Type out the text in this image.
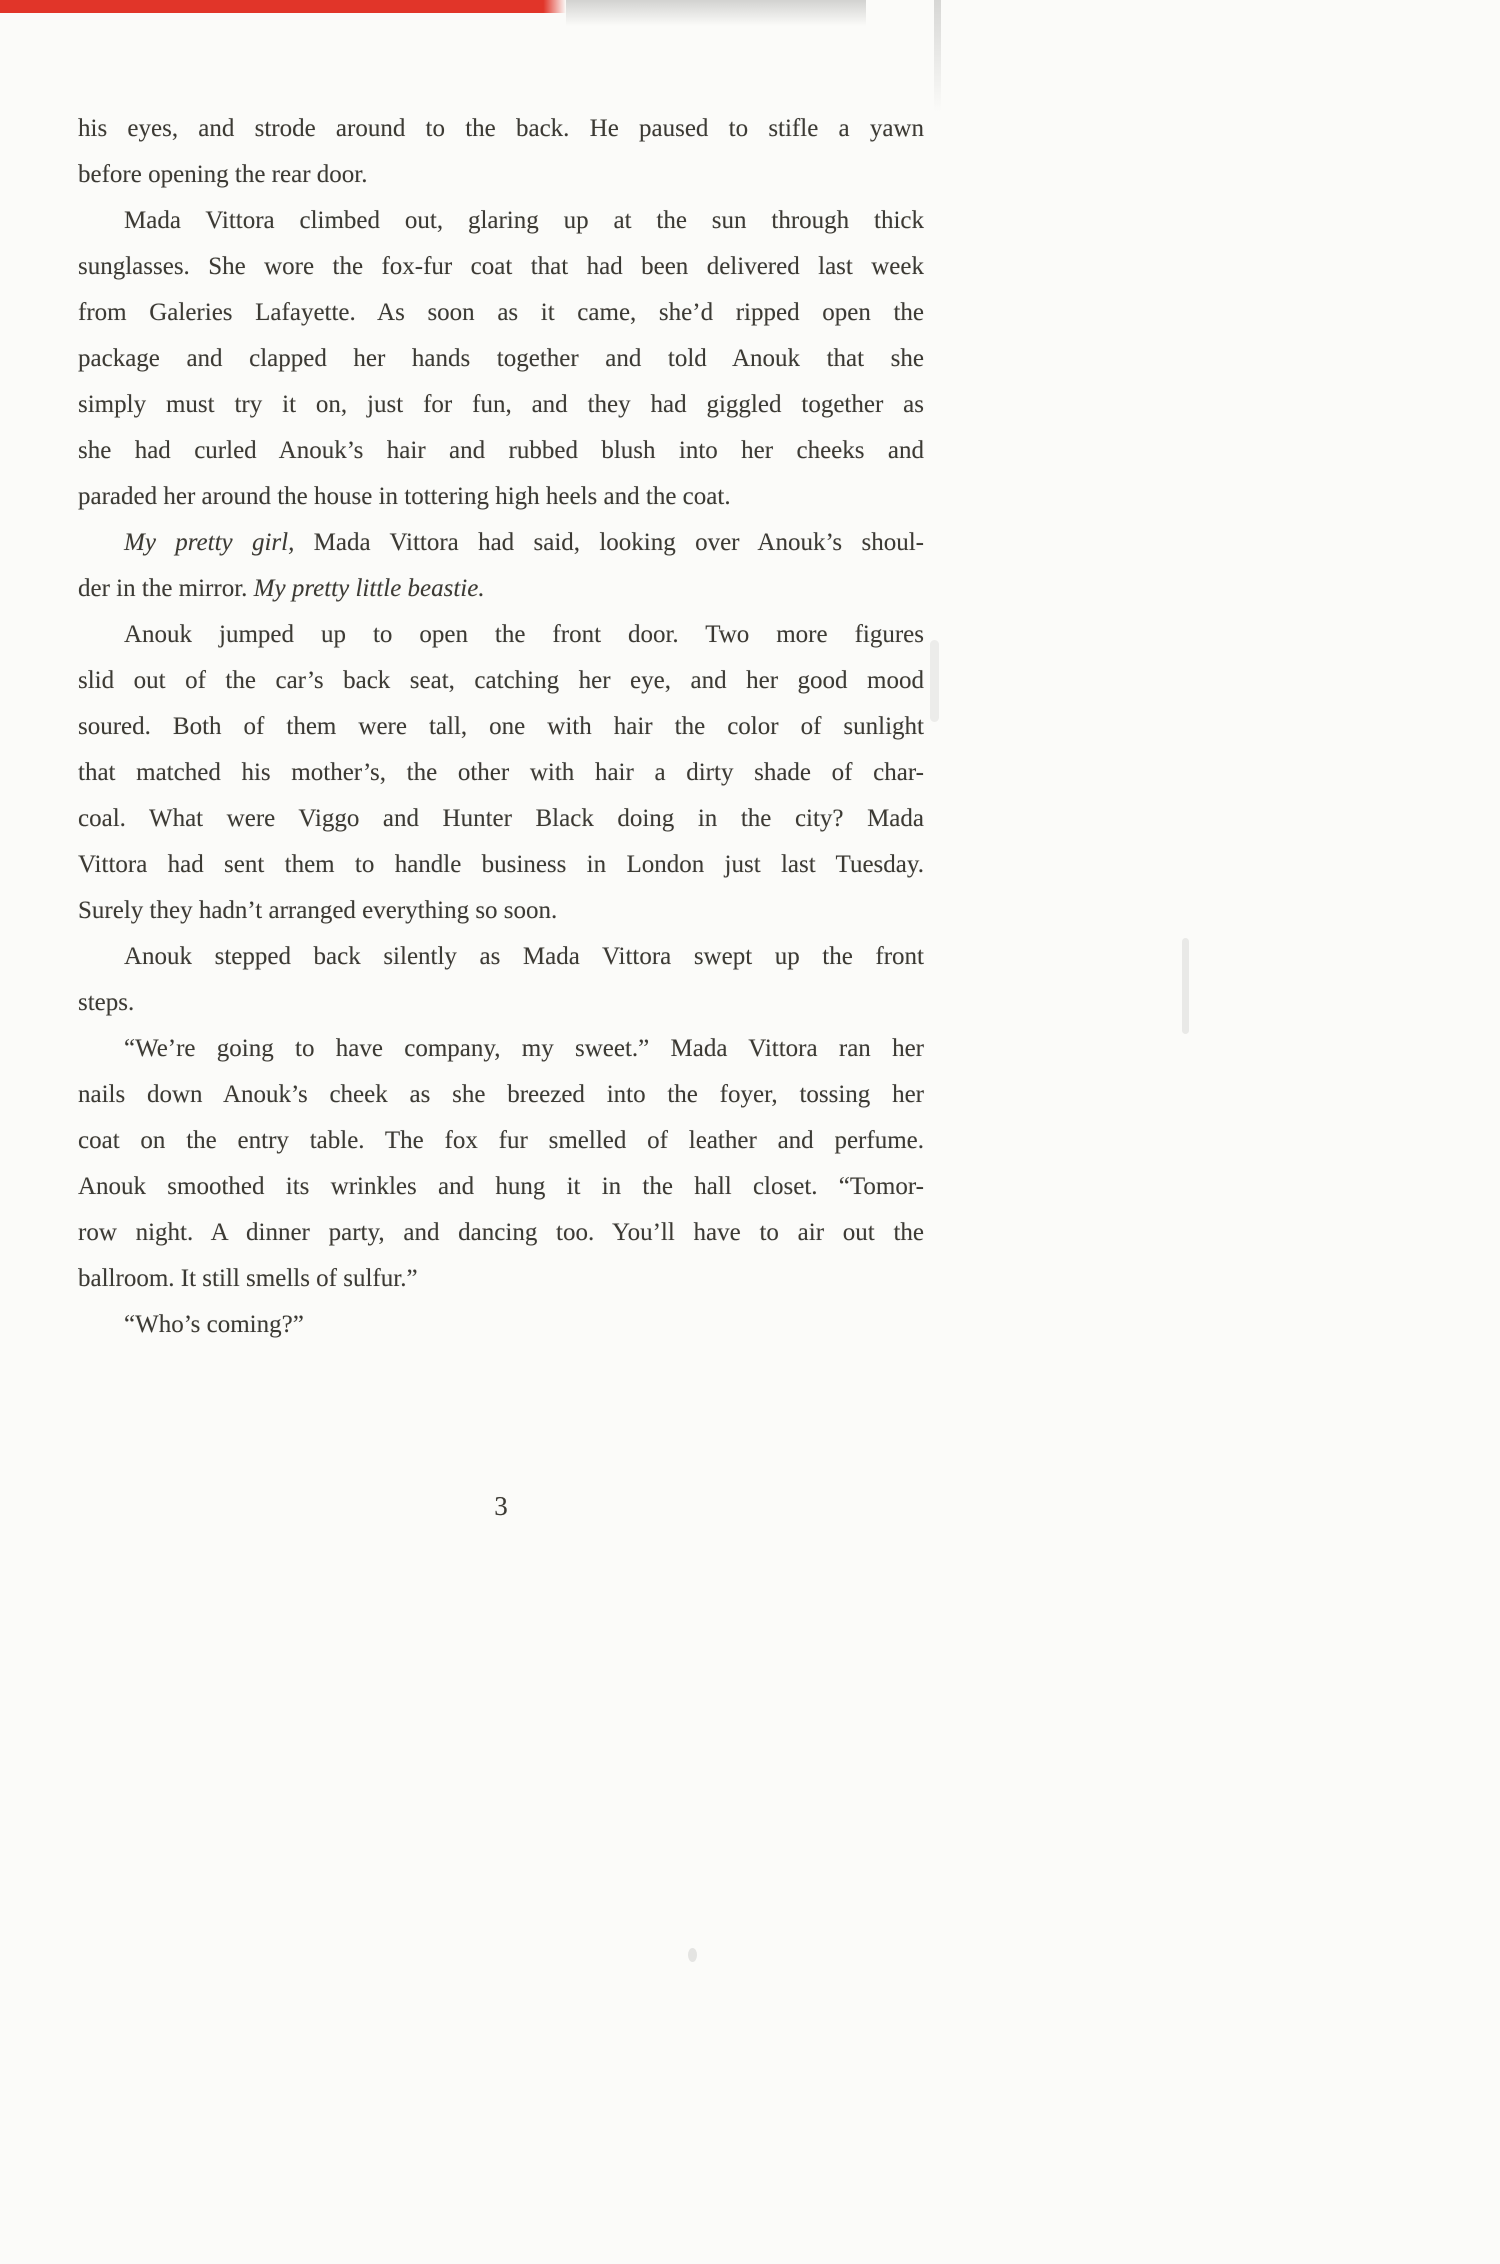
his eyes, and strode around to the back. He paused to stifle a yawn
before opening the rear door.
Mada Vittora climbed out, glaring up at the sun through thick
sunglasses. She wore the fox-fur coat that had been delivered last week
from Galeries Lafayette. As soon as it came, she’d ripped open the
package and clapped her hands together and told Anouk that she
simply must try it on, just for fun, and they had giggled together as
she had curled Anouk’s hair and rubbed blush into her cheeks and
paraded her around the house in tottering high heels and the coat.
My pretty girl, Mada Vittora had said, looking over Anouk’s shoul-
der in the mirror. My pretty little beastie.
Anouk jumped up to open the front door. Two more figures
slid out of the car’s back seat, catching her eye, and her good mood
soured. Both of them were tall, one with hair the color of sunlight
that matched his mother’s, the other with hair a dirty shade of char-
coal. What were Viggo and Hunter Black doing in the city? Mada
Vittora had sent them to handle business in London just last Tuesday.
Surely they hadn’t arranged everything so soon.
Anouk stepped back silently as Mada Vittora swept up the front
steps.
“We’re going to have company, my sweet.” Mada Vittora ran her
nails down Anouk’s cheek as she breezed into the foyer, tossing her
coat on the entry table. The fox fur smelled of leather and perfume.
Anouk smoothed its wrinkles and hung it in the hall closet. “Tomor-
row night. A dinner party, and dancing too. You’ll have to air out the
ballroom. It still smells of sulfur.”
“Who’s coming?”
3
